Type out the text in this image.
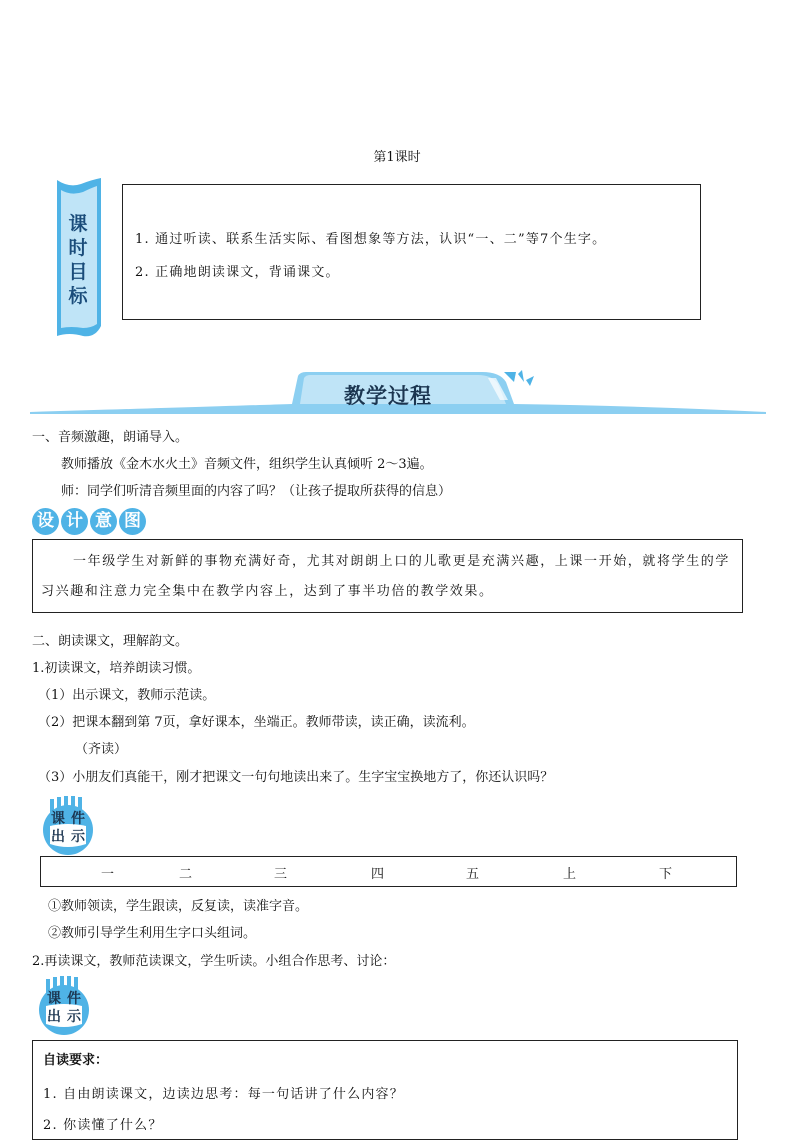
第1课时
课
时
目
标
1. 通过听读、联系生活实际、看图想象等方法，认识“一、二”等7个生字。
2. 正确地朗读课文，背诵课文。
教学过程
一、音频激趣，朗诵导入。
教师播放《金木水火土》音频文件，组织学生认真倾听 2～3遍。
师：同学们听清音频里面的内容了吗？（让孩子提取所获得的信息）
设 计 意 图
一年级学生对新鲜的事物充满好奇，尤其对朗朗上口的儿歌更是充满兴趣，上课一开始，就将学生的学习兴趣和注意力完全集中在教学内容上，达到了事半功倍的教学效果。
二、朗读课文，理解韵文。
1.初读课文，培养朗读习惯。
（1）出示课文，教师示范读。
（2）把课本翻到第 7页，拿好课本，坐端正。教师带读，读正确，读流利。
（齐读）
（3）小朋友们真能干，刚才把课文一句句地读出来了。生字宝宝换地方了，你还认识吗？
课件
出示
一	二	三	四	五	上	下
①教师领读，学生跟读，反复读，读准字音。
②教师引导学生利用生字口头组词。
2.再读课文，教师范读课文，学生听读。小组合作思考、讨论：
课件
出示
自读要求：
1. 自由朗读课文，边读边思考：每一句话讲了什么内容？
2. 你读懂了什么？
